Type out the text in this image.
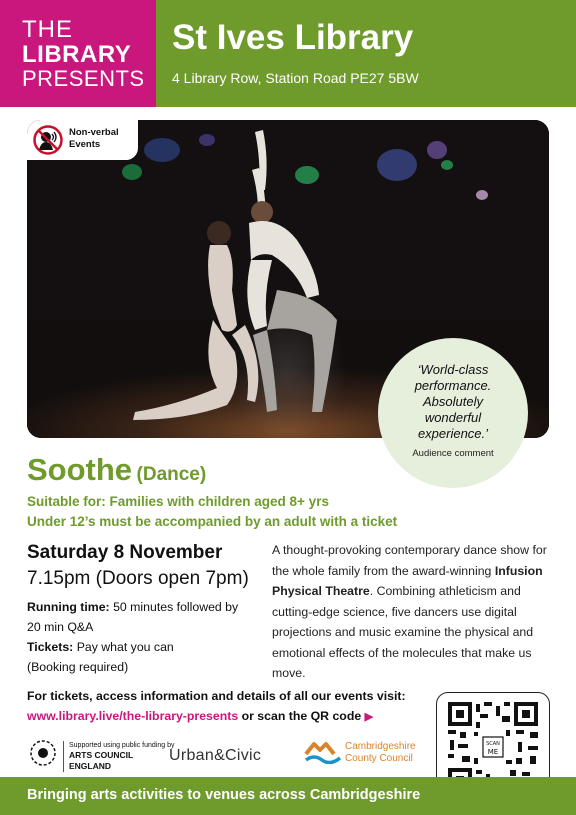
THE
LIBRARY
PRESENTS
St Ives Library
4 Library Row, Station Road PE27 5BW
Non-verbal
Events
‘World-class
performance.
Absolutely
wonderful
experience.’
Audience comment
Soothe (Dance)
Suitable for: Families with children aged 8+ yrs
Under 12’s must be accompanied by an adult with a ticket
Saturday 8 November
7.15pm (Doors open 7pm)
Running time: 50 minutes followed by
20 min Q&A
Tickets: Pay what you can
(Booking required)
A thought-provoking contemporary dance show for the whole family from the award-winning Infusion Physical Theatre. Combining athleticism and cutting-edge science, five dancers use digital projections and music examine the physical and emotional effects of the molecules that make us move.
For tickets, access information and details of all our events visit:
www.library.live/the-library-presents or scan the QR code ▶
SCAN
ME
Supported using public funding by
ARTS COUNCIL
ENGLAND
Urban&Civic
Cambridgeshire
County Council
Bringing arts activities to venues across Cambridgeshire
